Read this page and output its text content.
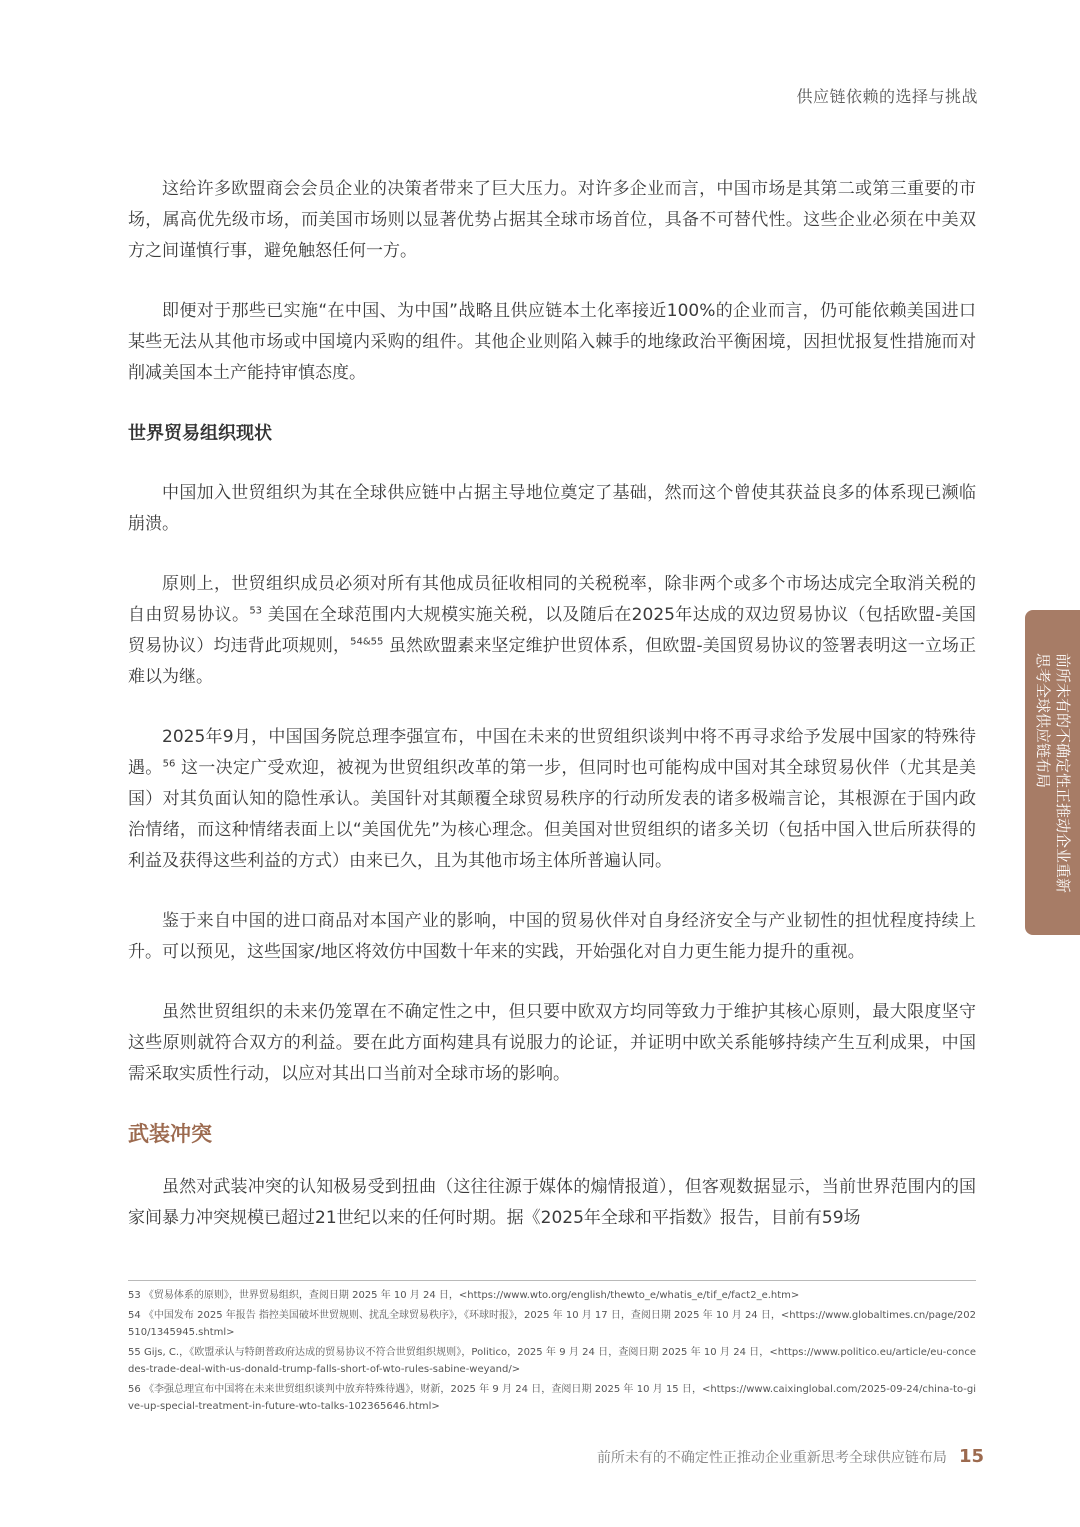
供应链依赖的选择与挑战

这给许多欧盟商会会员企业的决策者带来了巨大压力。对许多企业而言，中国市场是其第二或第三重要的市场，属高优先级市场，而美国市场则以显著优势占据其全球市场首位，具备不可替代性。这些企业必须在中美双方之间谨慎行事，避免触怒任何一方。

即便对于那些已实施“在中国、为中国”战略且供应链本土化率接近100%的企业而言，仍可能依赖美国进口某些无法从其他市场或中国境内采购的组件。其他企业则陷入棘手的地缘政治平衡困境，因担忧报复性措施而对削减美国本土产能持审慎态度。

世界贸易组织现状

中国加入世贸组织为其在全球供应链中占据主导地位奠定了基础，然而这个曾使其获益良多的体系现已濒临崩溃。

原则上，世贸组织成员必须对所有其他成员征收相同的关税税率，除非两个或多个市场达成完全取消关税的自由贸易协议。$^{53}$ 美国在全球范围内大规模实施关税，以及随后在2025年达成的双边贸易协议（包括欧盟-美国贸易协议）均违背此项规则，$^{54\&55}$ 虽然欧盟素来坚定维护世贸体系，但欧盟-美国贸易协议的签署表明这一立场正难以为继。

2025年9月，中国国务院总理李强宣布，中国在未来的世贸组织谈判中将不再寻求给予发展中国家的特殊待遇。$^{56}$ 这一决定广受欢迎，被视为世贸组织改革的第一步，但同时也可能构成中国对其全球贸易伙伴（尤其是美国）对其负面认知的隐性承认。美国针对其颠覆全球贸易秩序的行动所发表的诸多极端言论，其根源在于国内政治情绪，而这种情绪表面上以“美国优先”为核心理念。但美国对世贸组织的诸多关切（包括中国入世后所获得的利益及获得这些利益的方式）由来已久，且为其他市场主体所普遍认同。

鉴于来自中国的进口商品对本国产业的影响，中国的贸易伙伴对自身经济安全与产业韧性的担忧程度持续上升。可以预见，这些国家/地区将效仿中国数十年来的实践，开始强化对自力更生能力提升的重视。

虽然世贸组织的未来仍笼罩在不确定性之中，但只要中欧双方均同等致力于维护其核心原则，最大限度坚守这些原则就符合双方的利益。要在此方面构建具有说服力的论证，并证明中欧关系能够持续产生互利成果，中国需采取实质性行动，以应对其出口当前对全球市场的影响。

武装冲突

虽然对武装冲突的认知极易受到扭曲（这往往源于媒体的煽情报道），但客观数据显示，当前世界范围内的国家间暴力冲突规模已超过21世纪以来的任何时期。据《2025年全球和平指数》报告，目前有59场

前所未有的不确定性正推动企业重新
思考全球供应链布局

53 《贸易体系的原则》，世界贸易组织，查阅日期 2025 年 10 月 24 日，<https://www.wto.org/english/thewto_e/whatis_e/tif_e/fact2_e.htm>

54 《中国发布 2025 年报告 指控美国破坏世贸规则、扰乱全球贸易秩序》，《环球时报》，2025 年 10 月 17 日，查阅日期 2025 年 10 月 24 日，<https://www.globaltimes.cn/page/202510/1345945.shtml>

55 Gijs, C.，《欧盟承认与特朗普政府达成的贸易协议不符合世贸组织规则》，Politico，2025 年 9 月 24 日，查阅日期 2025 年 10 月 24 日，<https://www.politico.eu/article/eu-concedes-trade-deal-with-us-donald-trump-falls-short-of-wto-rules-sabine-weyand/>

56 《李强总理宣布中国将在未来世贸组织谈判中放弃特殊待遇》，财新，2025 年 9 月 24 日，查阅日期 2025 年 10 月 15 日，<https://www.caixinglobal.com/2025-09-24/china-to-give-up-special-treatment-in-future-wto-talks-102365646.html>

前所未有的不确定性正推动企业重新思考全球供应链布局 15
